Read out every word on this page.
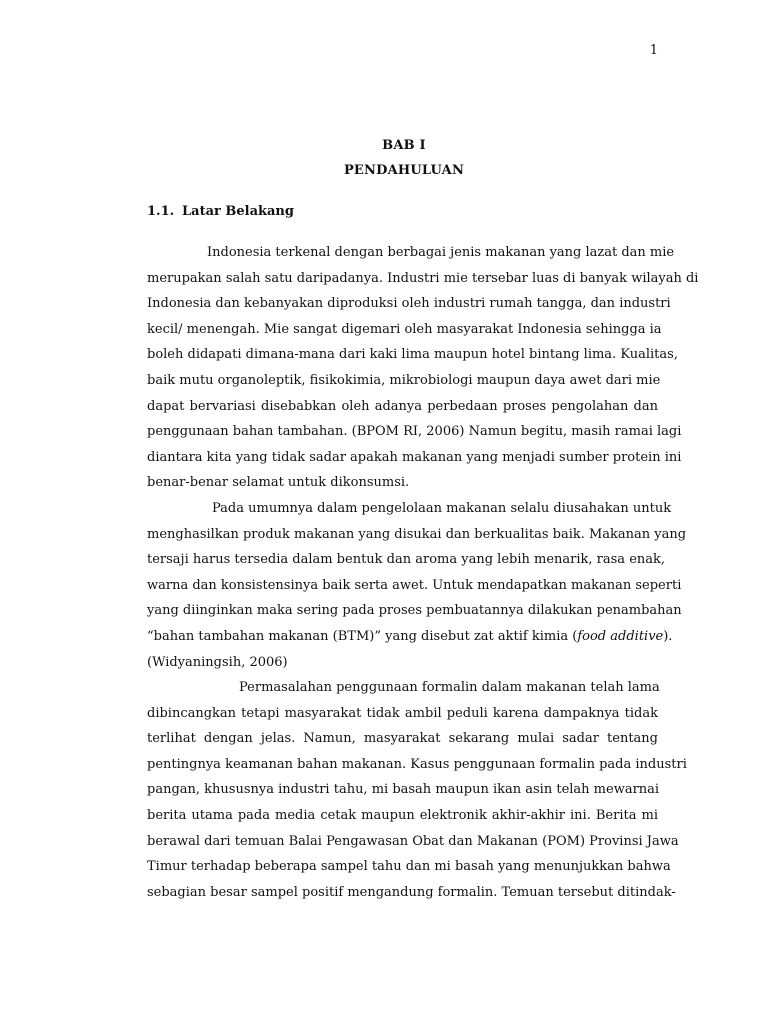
1
BAB I
PENDAHULUAN
1.1. Latar Belakang
Indonesia terkenal dengan berbagai jenis makanan yang lazat dan mie
merupakan salah satu daripadanya. Industri mie tersebar luas di banyak wilayah di
Indonesia dan kebanyakan diproduksi oleh industri rumah tangga, dan industri
kecil/ menengah. Mie sangat digemari oleh masyarakat Indonesia sehingga ia
boleh didapati dimana-mana dari kaki lima maupun hotel bintang lima. Kualitas,
baik mutu organoleptik, fisikokimia, mikrobiologi maupun daya awet dari mie
dapat bervariasi disebabkan oleh adanya perbedaan proses pengolahan dan
penggunaan bahan tambahan. (BPOM RI, 2006) Namun begitu, masih ramai lagi
diantara kita yang tidak sadar apakah makanan yang menjadi sumber protein ini
benar-benar selamat untuk dikonsumsi.
Pada umumnya dalam pengelolaan makanan selalu diusahakan untuk
menghasilkan produk makanan yang disukai dan berkualitas baik. Makanan yang
tersaji harus tersedia dalam bentuk dan aroma yang lebih menarik, rasa enak,
warna dan konsistensinya baik serta awet. Untuk mendapatkan makanan seperti
yang diinginkan maka sering pada proses pembuatannya dilakukan penambahan
“bahan tambahan makanan (BTM)” yang disebut zat aktif kimia (food additive).
(Widyaningsih, 2006)
Permasalahan penggunaan formalin dalam makanan telah lama
dibincangkan tetapi masyarakat tidak ambil peduli karena dampaknya tidak
terlihat dengan jelas. Namun, masyarakat sekarang mulai sadar tentang
pentingnya keamanan bahan makanan. Kasus penggunaan formalin pada industri
pangan, khususnya industri tahu, mi basah maupun ikan asin telah mewarnai
berita utama pada media cetak maupun elektronik akhir-akhir ini. Berita mi
berawal dari temuan Balai Pengawasan Obat dan Makanan (POM) Provinsi Jawa
Timur terhadap beberapa sampel tahu dan mi basah yang menunjukkan bahwa
sebagian besar sampel positif mengandung formalin. Temuan tersebut ditindak-
